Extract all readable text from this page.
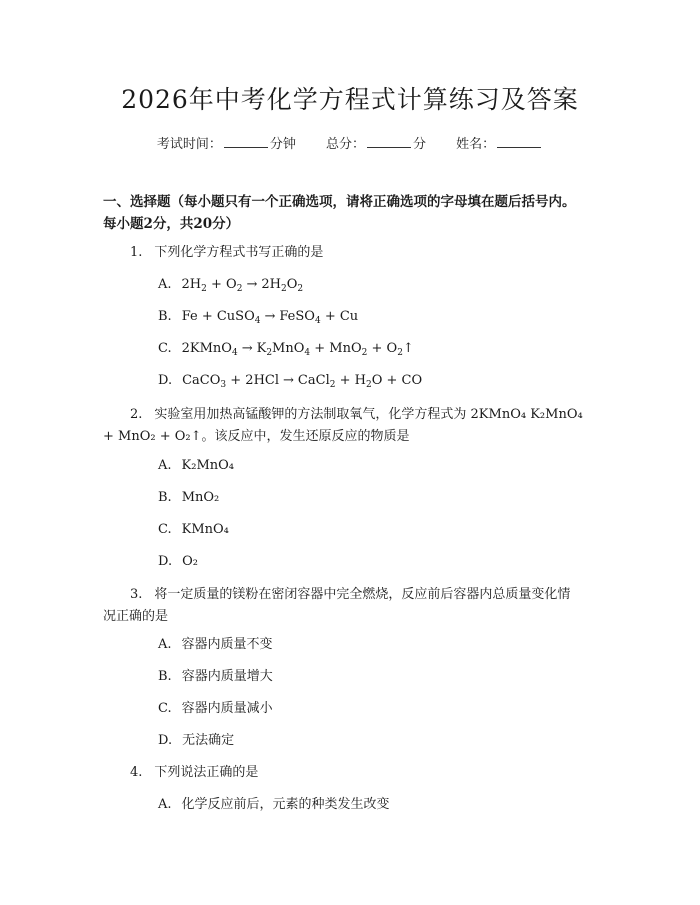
2026年中考化学方程式计算练习及答案
考试时间：	分钟 总分：	分 姓名：
一、选择题（每小题只有一个正确选项，请将正确选项的字母填在题后括号内。
每小题2分，共20分）
1. 下列化学方程式书写正确的是
A. $2H_2 + O_2 \to 2H_2O_2$
B. Fe + CuSO$_4$ → FeSO$_4$ + Cu
C. 2KMnO$_4$ → $K_2MnO_4 + MnO_2$ + $O_2↑$
D. CaCO$_3$ + 2HCl → CaCl$_2$ + $H_2O$ + CO
2. 实验室用加热高锰酸钾的方法制取氧气，化学方程式为 2KMnO₄ K₂MnO₄
+ MnO₂ + O₂↑。该反应中，发生还原反应的物质是
A. K₂MnO₄
B. MnO₂
C. KMnO₄
D. O₂
3. 将一定质量的镁粉在密闭容器中完全燃烧，反应前后容器内总质量变化情
况正确的是
A. 容器内质量不变
B. 容器内质量增大
C. 容器内质量减小
D. 无法确定
4. 下列说法正确的是
A. 化学反应前后，元素的种类发生改变
